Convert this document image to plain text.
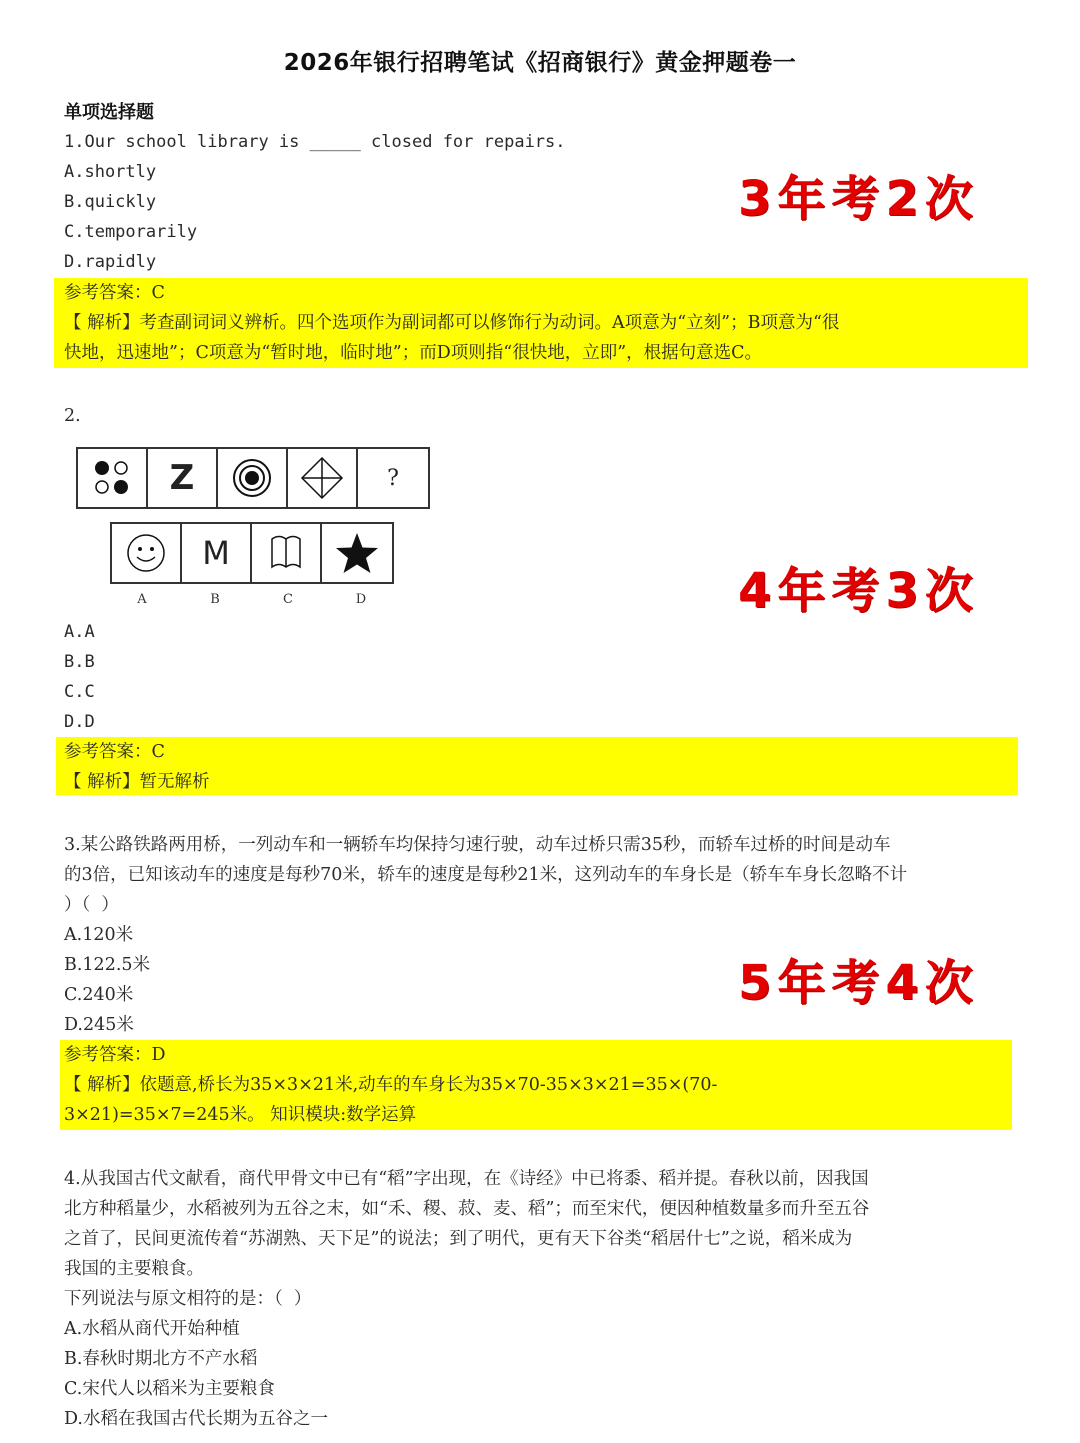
2026年银行招聘笔试《招商银行》黄金押题卷一
单项选择题
1.Our school library is _____ closed for repairs.
A.shortly
B.quickly
C.temporarily
D.rapidly
参考答案：C
【 解析】考查副词词义辨析。四个选项作为副词都可以修饰行为动词。A项意为“立刻”；B项意为“很
快地，迅速地”；C项意为“暂时地，临时地”；而D项则指“很快地，立即”，根据句意选C。
3年考2次
2.
Z	?
M
A	B	C	D
A.A
B.B
C.C
D.D
参考答案：C
【 解析】暂无解析
4年考3次
3.某公路铁路两用桥，一列动车和一辆轿车均保持匀速行驶，动车过桥只需35秒，而轿车过桥的时间是动车
的3倍，已知该动车的速度是每秒70米，轿车的速度是每秒21米，这列动车的车身长是（轿车车身长忽略不计
）（  ）
A.120米
B.122.5米
C.240米
D.245米
参考答案：D
【 解析】依题意,桥长为35×3×21米,动车的车身长为35×70-35×3×21=35×(70-
3×21)=35×7=245米。 知识模块:数学运算
5年考4次
4.从我国古代文献看，商代甲骨文中已有“稻”字出现，在《诗经》中已将黍、稻并提。春秋以前，因我国
北方种稻量少，水稻被列为五谷之末，如“禾、稷、菽、麦、稻”；而至宋代，便因种植数量多而升至五谷
之首了，民间更流传着“苏湖熟、天下足”的说法；到了明代，更有天下谷类“稻居什七”之说，稻米成为
我国的主要粮食。
下列说法与原文相符的是：（  ）
A.水稻从商代开始种植
B.春秋时期北方不产水稻
C.宋代人以稻米为主要粮食
D.水稻在我国古代长期为五谷之一
